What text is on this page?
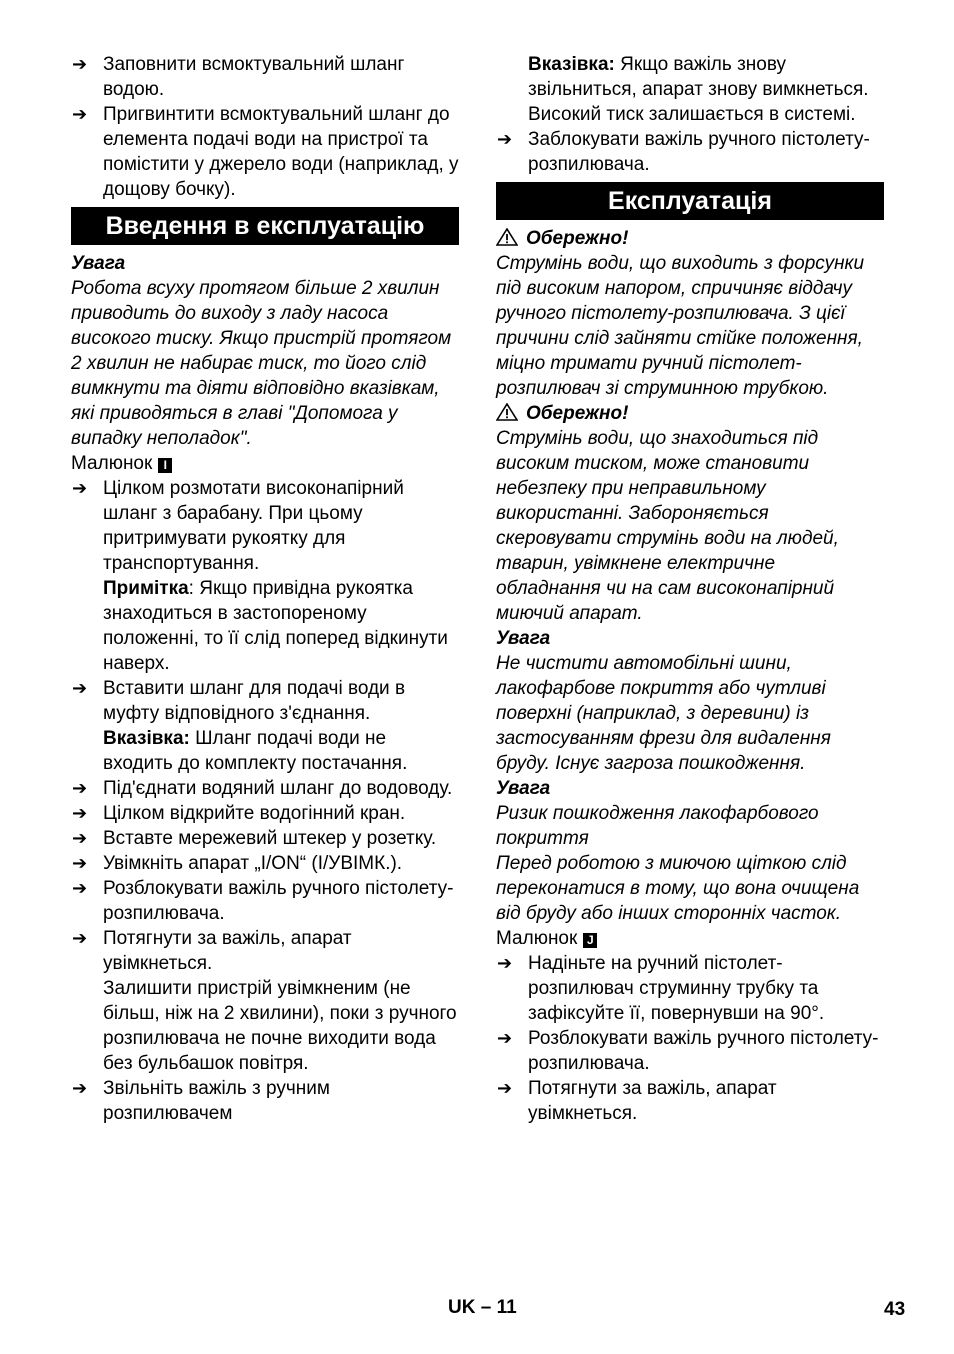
➔ Заповнити всмоктувальний шланг водою.
➔ Пригвинтити всмоктувальний шланг до елемента подачі води на пристрої та помістити у джерело води (наприклад, у дощову бочку).
Введення в експлуатацію
Увага
Робота всуху протягом більше 2 хвилин приводить до виходу з ладу насоса високого тиску. Якщо пристрій протягом 2 хвилин не набирає тиск, то його слід вимкнути та діяти відповідно вказівкам, які приводяться в главі "Допомога у випадку неполадок".
Малюнок I
➔ Цілком розмотати високонапірний шланг з барабану. При цьому притримувати рукоятку для транспортування.
Примітка: Якщо привідна рукоятка знаходиться в застопореному положенні, то її слід поперед відкинути наверх.
➔ Вставити шланг для подачі води в муфту відповідного з'єднання.
Вказівка: Шланг подачі води не входить до комплекту постачання.
➔ Під'єднати водяний шланг до водоводу.
➔ Цілком відкрийте водогінний кран.
➔ Вставте мережевий штекер у розетку.
➔ Увімкніть апарат „I/ON“ (I/УВІМК.).
➔ Розблокувати важіль ручного пістолету-розпилювача.
➔ Потягнути за важіль, апарат увімкнеться.
Залишити пристрій увімкненим (не більш, ніж на 2 хвилини), поки з ручного розпилювача не почне виходити вода без бульбашок повітря.
➔ Звільніть важіль з ручним розпилювачем
Вказівка: Якщо важіль знову звільниться, апарат знову вимкнеться. Високий тиск залишається в системі.
➔ Заблокувати важіль ручного пістолету-розпилювача.
Експлуатація
Обережно!
Струмінь води, що виходить з форсунки під високим напором, спричиняє віддачу ручного пістолету-розпилювача. З цієї причини слід зайняти стійке положення, міцно тримати ручний пістолет-розпилювач зі струминною трубкою.
Обережно!
Струмінь води, що знаходиться під високим тиском, може становити небезпеку при неправильному використанні. Забороняється скеровувати струмінь води на людей, тварин, увімкнене електричне обладнання чи на сам високонапірний миючий апарат.
Увага
Не чистити автомобільні шини, лакофарбове покриття або чутливі поверхні (наприклад, з деревини) із застосуванням фрези для видалення бруду. Існує загроза пошкодження.
Увага
Ризик пошкодження лакофарбового покриття
Перед роботою з миючою щіткою слід переконатися в тому, що вона очищена від бруду або інших сторонніх часток.
Малюнок J
➔ Надіньте на ручний пістолет-розпилювач струминну трубку та зафіксуйте її, повернувши на 90°.
➔ Розблокувати важіль ручного пістолету-розпилювача.
➔ Потягнути за важіль, апарат увімкнеться.
UK – 11	43
